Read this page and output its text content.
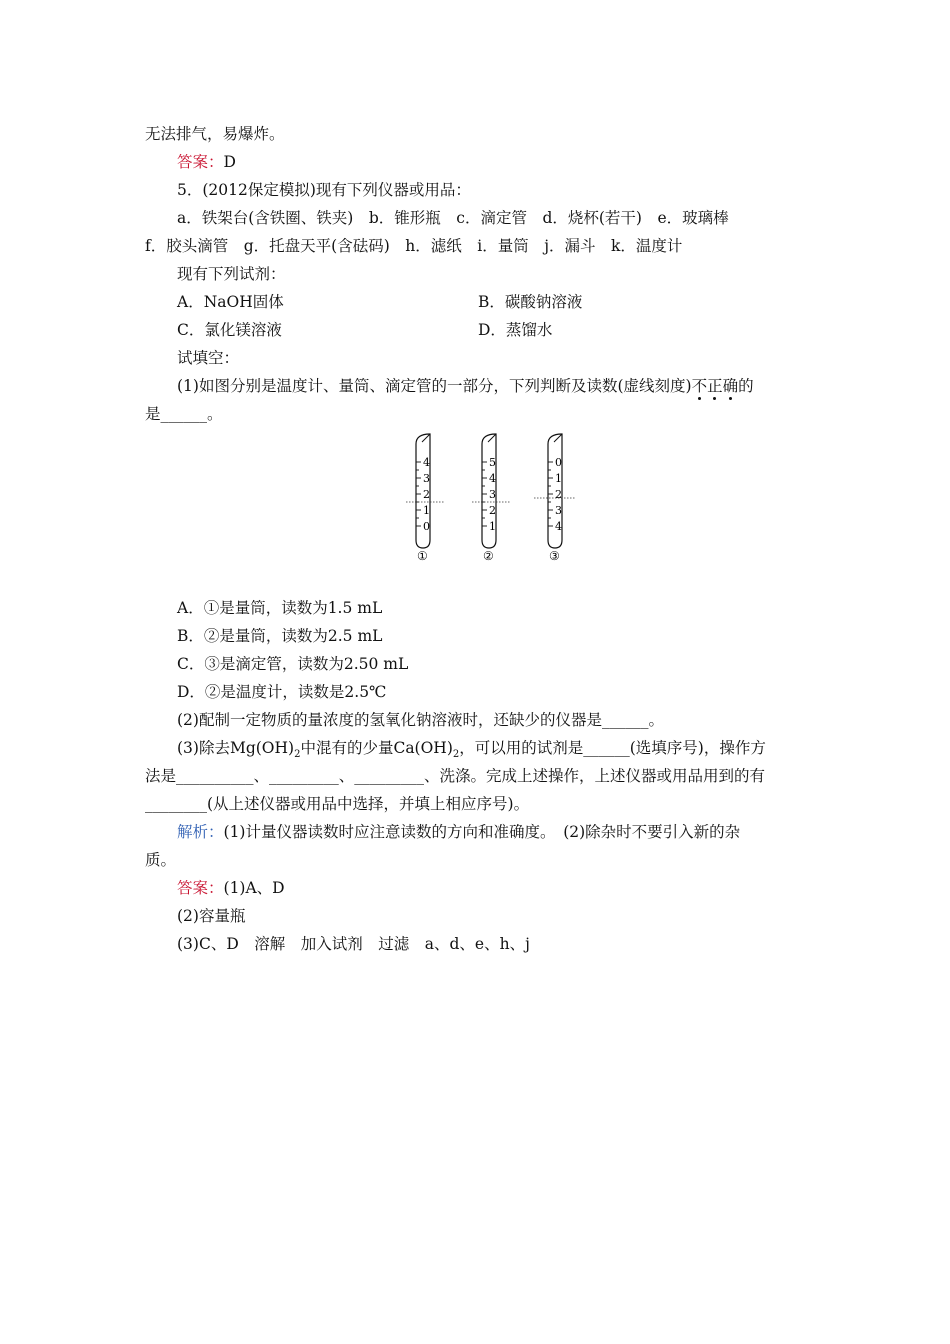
无法排气，易爆炸。
答案：D
5．(2012保定模拟)现有下列仪器或用品：
a．铁架台(含铁圈、铁夹)　b．锥形瓶　c．滴定管　d．烧杯(若干)　e．玻璃棒
f．胶头滴管　g．托盘天平(含砝码)　h．滤纸　i．量筒　j．漏斗　k．温度计
现有下列试剂：
A．NaOH固体	B．碳酸钠溶液
C．氯化镁溶液	D．蒸馏水
试填空：
(1)如图分别是温度计、量筒、滴定管的一部分，下列判断及读数(虚线刻度)不正确的
是______。
4
3
2
1
0
①
5
4
3
2
1
②
0
1
2
3
4
③
A．①是量筒，读数为1.5 mL
B．②是量筒，读数为2.5 mL
C．③是滴定管，读数为2.50 mL
D．②是温度计，读数是2.5℃
(2)配制一定物质的量浓度的氢氧化钠溶液时，还缺少的仪器是______。
(3)除去$Mg(OH)_2$中混有的少量$Ca(OH)_2$，可以用的试剂是______(选填序号)，操作方
法是__________、_________、_________、洗涤。完成上述操作，上述仪器或用品用到的有
________(从上述仪器或用品中选择，并填上相应序号)。
解析：(1)计量仪器读数时应注意读数的方向和准确度。　(2)除杂时不要引入新的杂
质。
答案：(1)A、D
(2)容量瓶
(3)C、D　溶解　加入试剂　过滤　a、d、e、h、j
